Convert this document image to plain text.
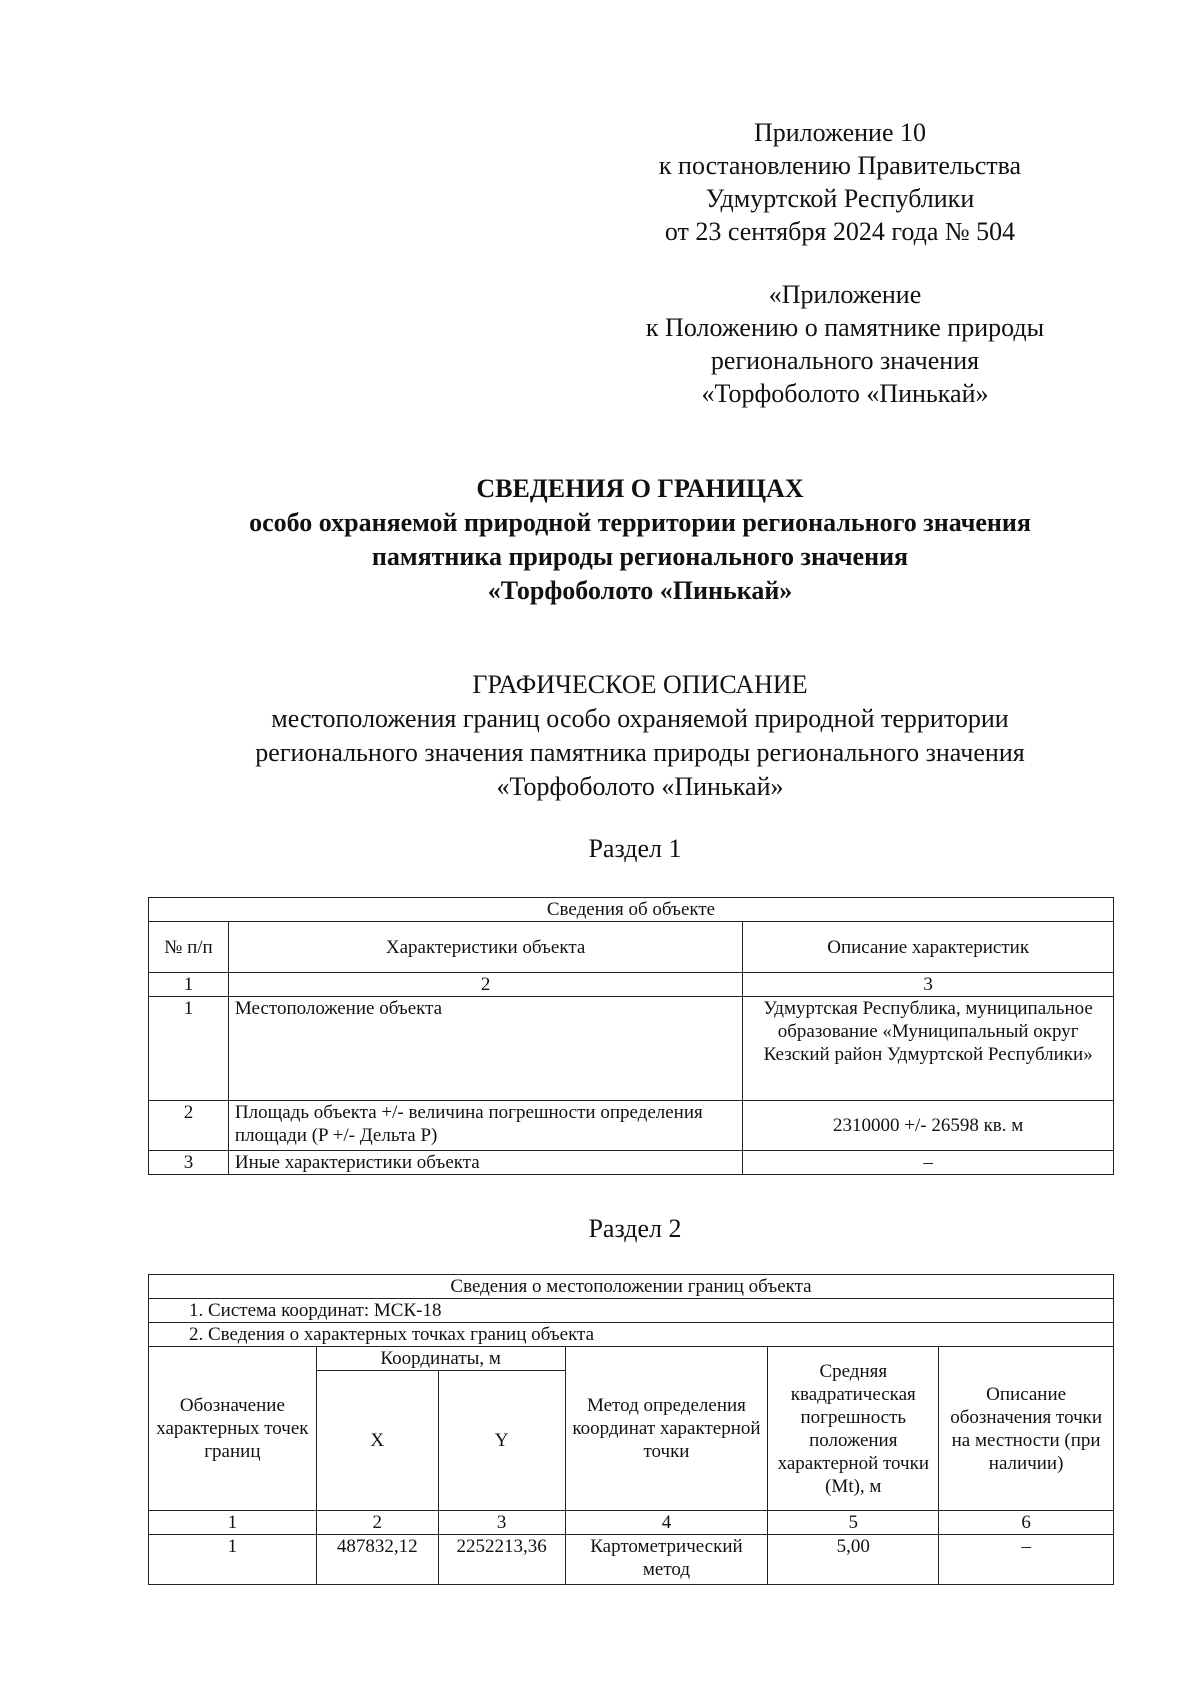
Приложение 10
к постановлению Правительства
Удмуртской Республики
от 23 сентября 2024 года № 504
«Приложение
к Положению о памятнике природы
регионального значения
«Торфоболото «Пинькай»
СВЕДЕНИЯ О ГРАНИЦАХ
особо охраняемой природной территории регионального значения
памятника природы регионального значения
«Торфоболото «Пинькай»
ГРАФИЧЕСКОЕ ОПИСАНИЕ
местоположения границ особо охраняемой природной территории
регионального значения памятника природы регионального значения
«Торфоболото «Пинькай»
Раздел 1
Сведения об объекте		
№ п/п	Характеристики объекта	Описание характеристик
1	2	3
1	Местоположение объекта	Удмуртская Республика, муниципальное образование «Муниципальный округ Кезский район Удмуртской Республики»
2	Площадь объекта +/- величина погрешности определения площади (P +/- Дельта P)	2310000 +/- 26598 кв. м
3	Иные характеристики объекта	–
Раздел 2
Сведения о местоположении границ объекта					
1. Система координат: МСК-18					
2. Сведения о характерных точках границ объекта					
Обозначение характерных точек границ	Координаты, м		Метод определения координат характерной точки	Средняя квадратическая погрешность положения характерной точки (Mt), м	Описание обозначения точки на местности (при наличии)
	X	Y			
1	2	3	4	5	6
1	487832,12	2252213,36	Картометрический метод	5,00	–
